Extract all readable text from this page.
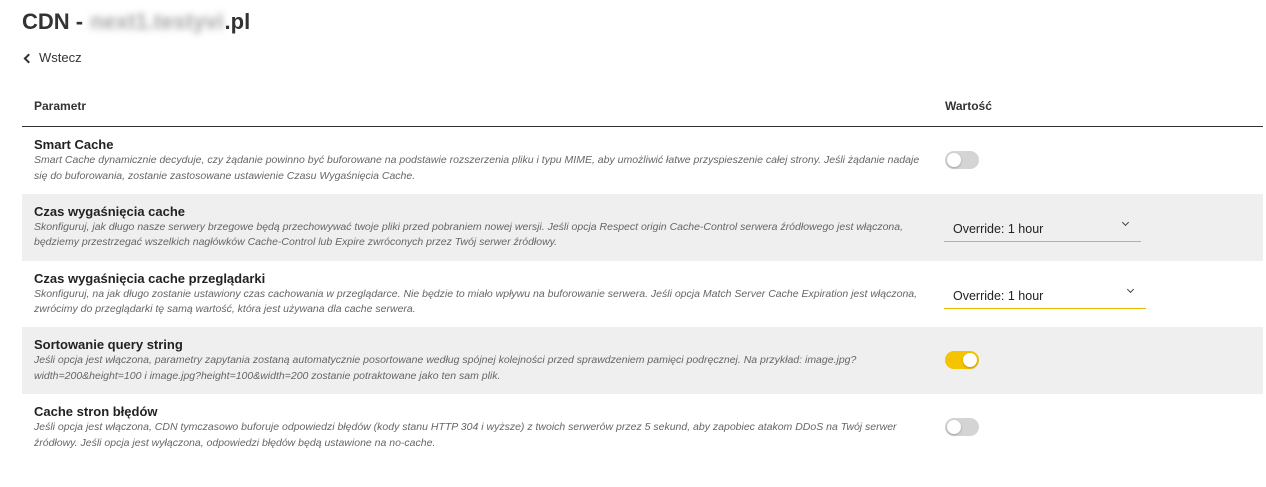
CDN -
next1.testyvi .pl
Wstecz
Parametr	Wartość
Smart Cache
Smart Cache dynamicznie decyduje, czy żądanie powinno być buforowane na podstawie rozszerzenia pliku i typu MIME, aby umożliwić łatwe przyspieszenie całej strony. Jeśli żądanie nadaje się do buforowania, zostanie zastosowane ustawienie Czasu Wygaśnięcia Cache.
Czas wygaśnięcia cache
Skonfiguruj, jak długo nasze serwery brzegowe będą przechowywać twoje pliki przed pobraniem nowej wersji. Jeśli opcja Respect origin Cache-Control serwera źródłowego jest włączona, będziemy przestrzegać wszelkich nagłówków Cache-Control lub Expire zwróconych przez Twój serwer źródłowy.
Override: 1 hour
Czas wygaśnięcia cache przeglądarki
Skonfiguruj, na jak długo zostanie ustawiony czas cachowania w przeglądarce. Nie będzie to miało wpływu na buforowanie serwera. Jeśli opcja Match Server Cache Expiration jest włączona, zwrócimy do przeglądarki tę samą wartość, która jest używana dla cache serwera.
Override: 1 hour
Sortowanie query string
Jeśli opcja jest włączona, parametry zapytania zostaną automatycznie posortowane według spójnej kolejności przed sprawdzeniem pamięci podręcznej. Na przykład: image.jpg?width=200&height=100 i image.jpg?height=100&width=200 zostanie potraktowane jako ten sam plik.
Cache stron błędów
Jeśli opcja jest włączona, CDN tymczasowo buforuje odpowiedzi błędów (kody stanu HTTP 304 i wyższe) z twoich serwerów przez 5 sekund, aby zapobiec atakom DDoS na Twój serwer źródłowy. Jeśli opcja jest wyłączona, odpowiedzi błędów będą ustawione na no-cache.
